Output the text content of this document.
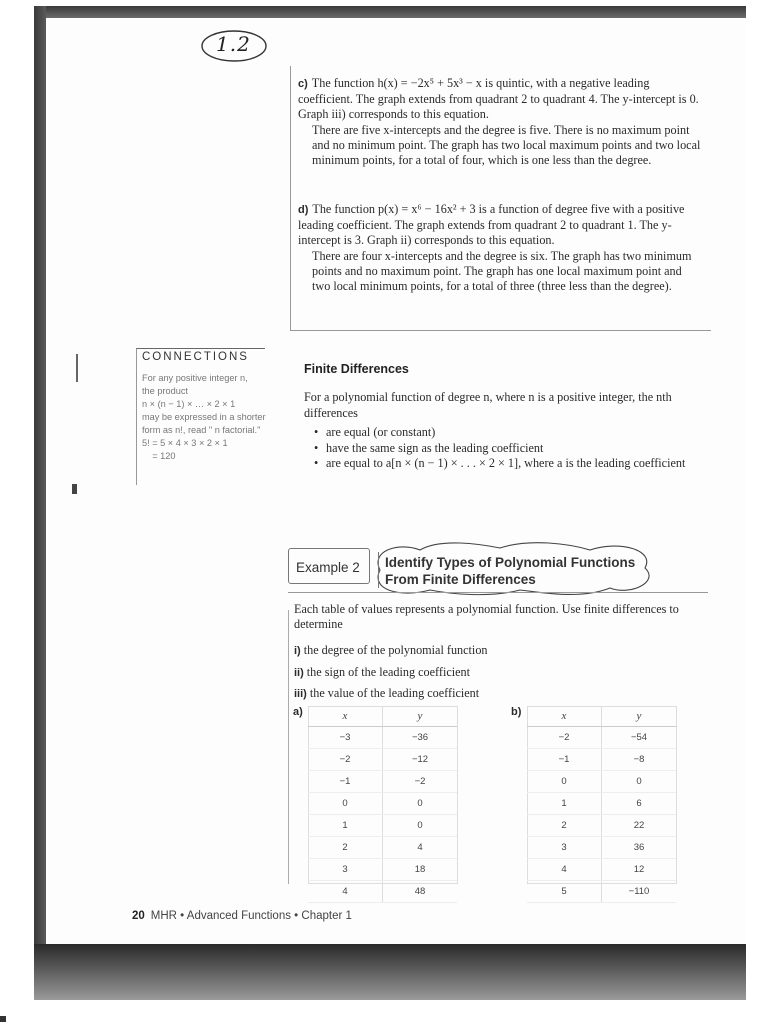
1.2

c) The function h(x) = −2x⁵ + 5x³ − x is quintic, with a negative leading coefficient. The graph extends from quadrant 2 to quadrant 4. The y-intercept is 0. Graph iii) corresponds to this equation.

There are five x-intercepts and the degree is five. There is no maximum point and no minimum point. The graph has two local maximum points and two local minimum points, for a total of four, which is one less than the degree.

d) The function p(x) = x⁶ − 16x² + 3 is a function of degree five with a positive leading coefficient. The graph extends from quadrant 2 to quadrant 1. The y-intercept is 3. Graph ii) corresponds to this equation.

There are four x-intercepts and the degree is six. The graph has two minimum points and no maximum point. The graph has one local maximum point and two local minimum points, for a total of three (three less than the degree).

CONNECTIONS
For any positive integer n,
the product
n × (n − 1) × … × 2 × 1
may be expressed in a shorter
form as n!, read " n factorial."
5! = 5 × 4 × 3 × 2 × 1
= 120
Finite Differences
For a polynomial function of degree n, where n is a positive integer, the nth differences
• are equal (or constant)
• have the same sign as the leading coefficient
• are equal to a[n × (n − 1) × . . . × 2 × 1], where a is the leading coefficient
Example 2 Identify Types of Polynomial Functions
From Finite Differences
Each table of values represents a polynomial function. Use finite differences to determine
i) the degree of the polynomial function
ii) the sign of the leading coefficient
iii) the value of the leading coefficient
a)	x	y
−3	−36
−2	−12
−1	−2
0	0
1	0
2	4
3	18
4	48
b)	x	y
−2	−54
−1	−8
0	0
1	6
2	22
3	36
4	12
5	−110
20 MHR • Advanced Functions • Chapter 1
